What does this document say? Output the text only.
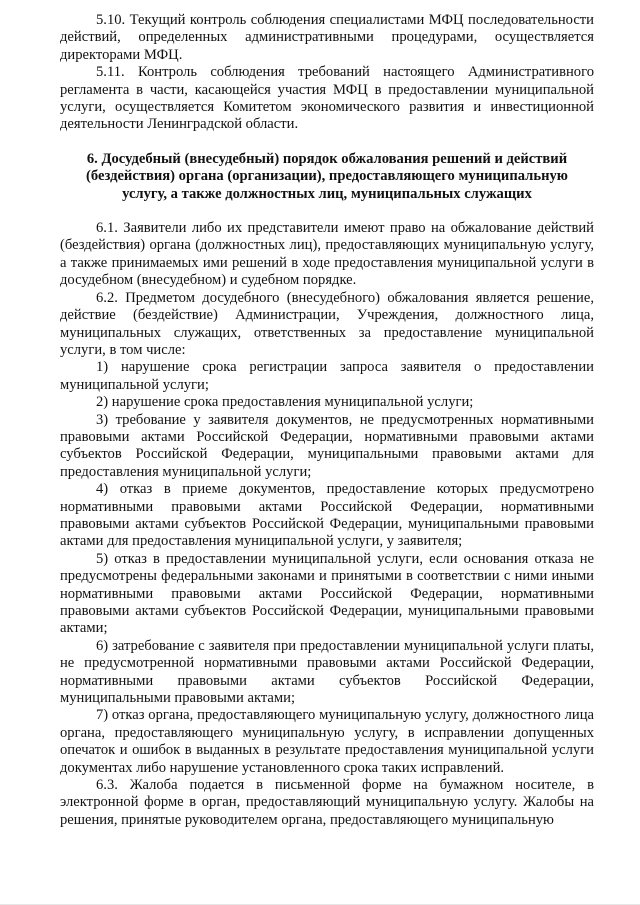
5.10. Текущий контроль соблюдения специалистами МФЦ последовательности действий, определенных административными процедурами, осуществляется директорами МФЦ.

5.11. Контроль соблюдения требований настоящего Административного регламента в части, касающейся участия МФЦ в предоставлении муниципальной услуги, осуществляется Комитетом экономического развития и инвестиционной деятельности Ленинградской области.

6. Досудебный (внесудебный) порядок обжалования решений и действий
(бездействия) органа (организации), предоставляющего муниципальную
услугу, а также должностных лиц, муниципальных служащих

6.1. Заявители либо их представители имеют право на обжалование действий (бездействия) органа (должностных лиц), предоставляющих муниципальную услугу, а также принимаемых ими решений в ходе предоставления муниципальной услуги в досудебном (внесудебном) и судебном порядке.

6.2. Предметом досудебного (внесудебного) обжалования является решение, действие (бездействие) Администрации, Учреждения, должностного лица, муниципальных служащих, ответственных за предоставление муниципальной услуги, в том числе:

1) нарушение срока регистрации запроса заявителя о предоставлении муниципальной услуги;

2) нарушение срока предоставления муниципальной услуги;

3) требование у заявителя документов, не предусмотренных нормативными правовыми актами Российской Федерации, нормативными правовыми актами субъектов Российской Федерации, муниципальными правовыми актами для предоставления муниципальной услуги;

4) отказ в приеме документов, предоставление которых предусмотрено нормативными правовыми актами Российской Федерации, нормативными правовыми актами субъектов Российской Федерации, муниципальными правовыми актами для предоставления муниципальной услуги, у заявителя;

5) отказ в предоставлении муниципальной услуги, если основания отказа не предусмотрены федеральными законами и принятыми в соответствии с ними иными нормативными правовыми актами Российской Федерации, нормативными правовыми актами субъектов Российской Федерации, муниципальными правовыми актами;

6) затребование с заявителя при предоставлении муниципальной услуги платы, не предусмотренной нормативными правовыми актами Российской Федерации, нормативными правовыми актами субъектов Российской Федерации, муниципальными правовыми актами;

7) отказ органа, предоставляющего муниципальную услугу, должностного лица органа, предоставляющего муниципальную услугу, в исправлении допущенных опечаток и ошибок в выданных в результате предоставления муниципальной услуги документах либо нарушение установленного срока таких исправлений.

6.3. Жалоба подается в письменной форме на бумажном носителе, в электронной форме в орган, предоставляющий муниципальную услугу. Жалобы на решения, принятые руководителем органа, предоставляющего муниципальную
